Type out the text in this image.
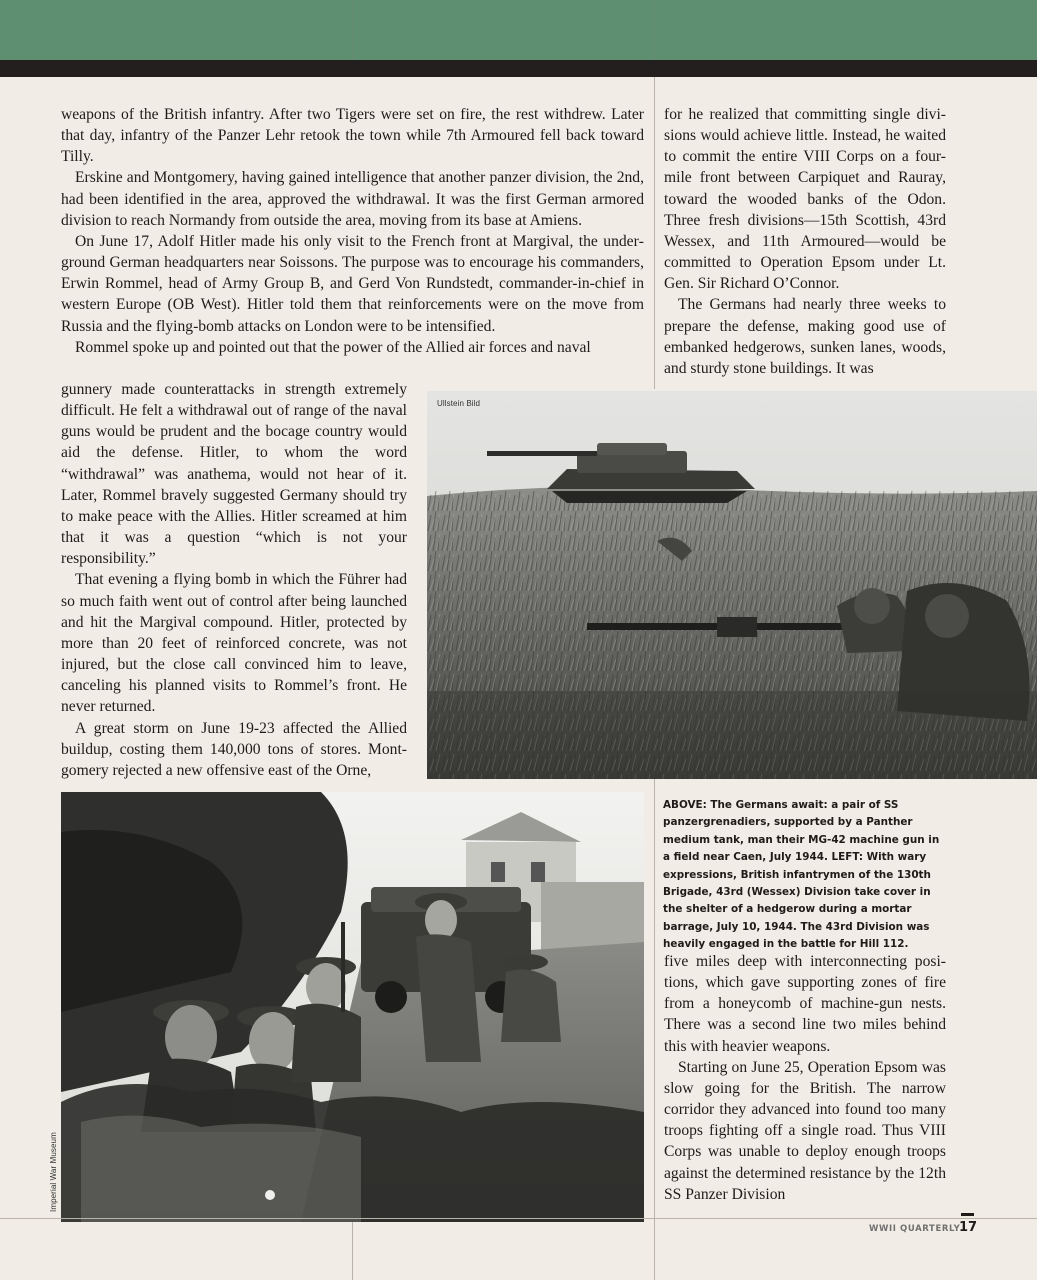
weapons of the British infantry. After two Tigers were set on fire, the rest withdrew. Later that day, infantry of the Panzer Lehr retook the town while 7th Armoured fell back toward Tilly.

Erskine and Montgomery, having gained intelligence that another panzer division, the 2nd, had been identified in the area, approved the withdrawal. It was the first German armored division to reach Normandy from outside the area, moving from its base at Amiens.

On June 17, Adolf Hitler made his only visit to the French front at Margival, the underground German headquarters near Soissons. The purpose was to encourage his commanders, Erwin Rommel, head of Army Group B, and Gerd Von Rundstedt, commander-in-chief in western Europe (OB West). Hitler told them that reinforcements were on the move from Russia and the flying-bomb attacks on London were to be intensified.

Rommel spoke up and pointed out that the power of the Allied air forces and naval

gunnery made counterattacks in strength extremely difficult. He felt a withdrawal out of range of the naval guns would be prudent and the bocage country would aid the defense. Hitler, to whom the word “withdrawal” was anathema, would not hear of it. Later, Rommel bravely suggested Germany should try to make peace with the Allies. Hitler screamed at him that it was a question “which is not your responsibility.”

That evening a flying bomb in which the Führer had so much faith went out of control after being launched and hit the Margival compound. Hitler, protected by more than 20 feet of reinforced concrete, was not injured, but the close call convinced him to leave, canceling his planned visits to Rommel’s front. He never returned.

A great storm on June 19-23 affected the Allied buildup, costing them 140,000 tons of stores. Montgomery rejected a new offensive east of the Orne,

for he realized that committing single divisions would achieve little. Instead, he waited to commit the entire VIII Corps on a four-mile front between Carpiquet and Rauray, toward the wooded banks of the Odon. Three fresh divisions—15th Scottish, 43rd Wessex, and 11th Armoured—would be committed to Operation Epsom under Lt. Gen. Sir Richard O’Connor.

The Germans had nearly three weeks to prepare the defense, making good use of embanked hedgerows, sunken lanes, woods, and sturdy stone buildings. It was

Ullstein Bild
Imperial War Museum
ABOVE: The Germans await: a pair of SS panzergrenadiers, supported by a Panther medium tank, man their MG-42 machine gun in a field near Caen, July 1944. LEFT: With wary expressions, British infantrymen of the 130th Brigade, 43rd (Wessex) Division take cover in the shelter of a hedgerow during a mortar barrage, July 10, 1944. The 43rd Division was heavily engaged in the battle for Hill 112.

five miles deep with interconnecting positions, which gave supporting zones of fire from a honeycomb of machine-gun nests. There was a second line two miles behind this with heavier weapons.

Starting on June 25, Operation Epsom was slow going for the British. The narrow corridor they advanced into found too many troops fighting off a single road. Thus VIII Corps was unable to deploy enough troops against the determined resistance by the 12th SS Panzer Division

WWII QUARTERLY
17
